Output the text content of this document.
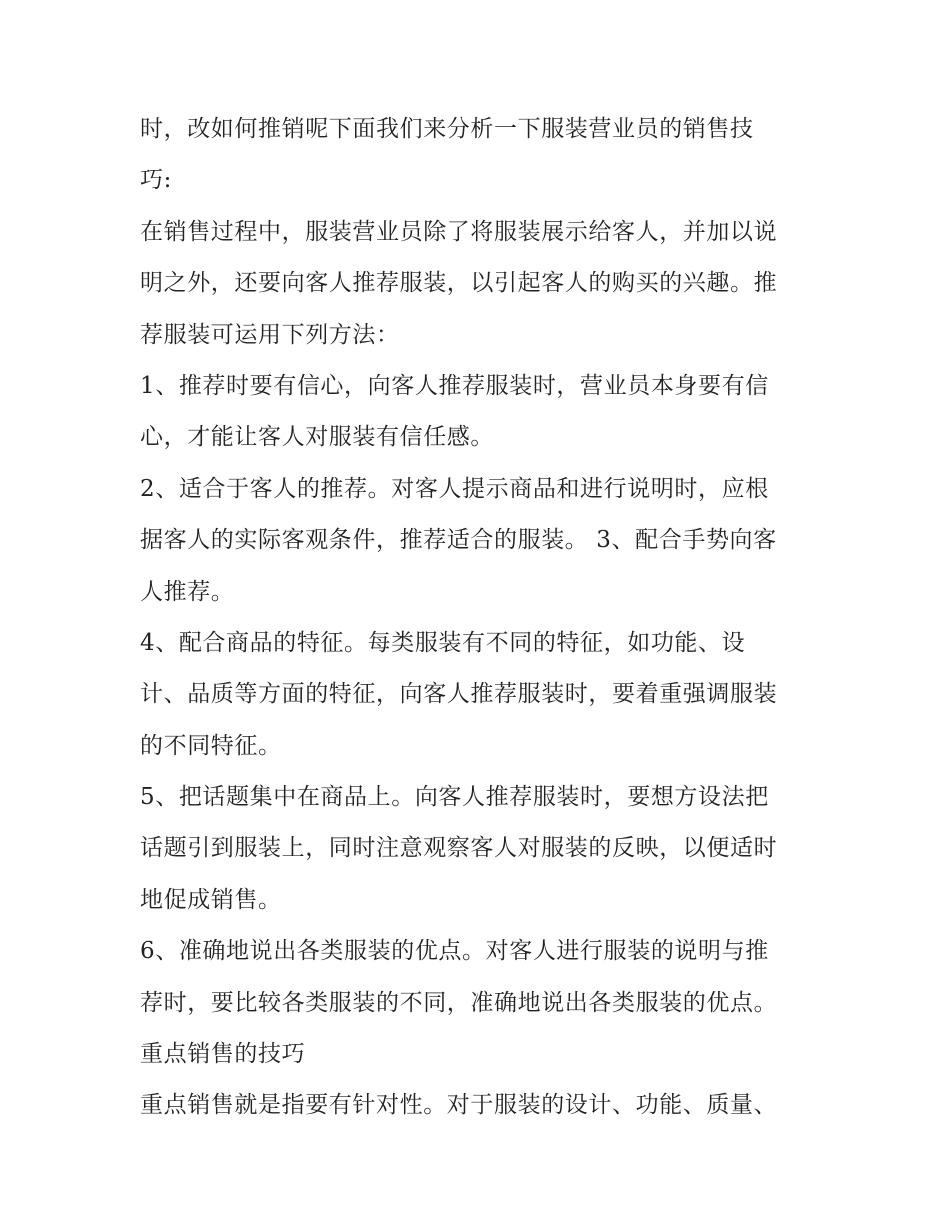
时，改如何推销呢下面我们来分析一下服装营业员的销售技
巧:
在销售过程中，服装营业员除了将服装展示给客人，并加以说
明之外，还要向客人推荐服装，以引起客人的购买的兴趣。推
荐服装可运用下列方法：
1、推荐时要有信心，向客人推荐服装时，营业员本身要有信
心，才能让客人对服装有信任感。
2、适合于客人的推荐。对客人提示商品和进行说明时，应根
据客人的实际客观条件，推荐适合的服装。 3、配合手势向客
人推荐。
4、配合商品的特征。每类服装有不同的特征，如功能、设
计、品质等方面的特征，向客人推荐服装时，要着重强调服装
的不同特征。
5、把话题集中在商品上。向客人推荐服装时，要想方设法把
话题引到服装上，同时注意观察客人对服装的反映，以便适时
地促成销售。
6、准确地说出各类服装的优点。对客人进行服装的说明与推
荐时，要比较各类服装的不同，准确地说出各类服装的优点。
重点销售的技巧
重点销售就是指要有针对性。对于服装的设计、功能、质量、
